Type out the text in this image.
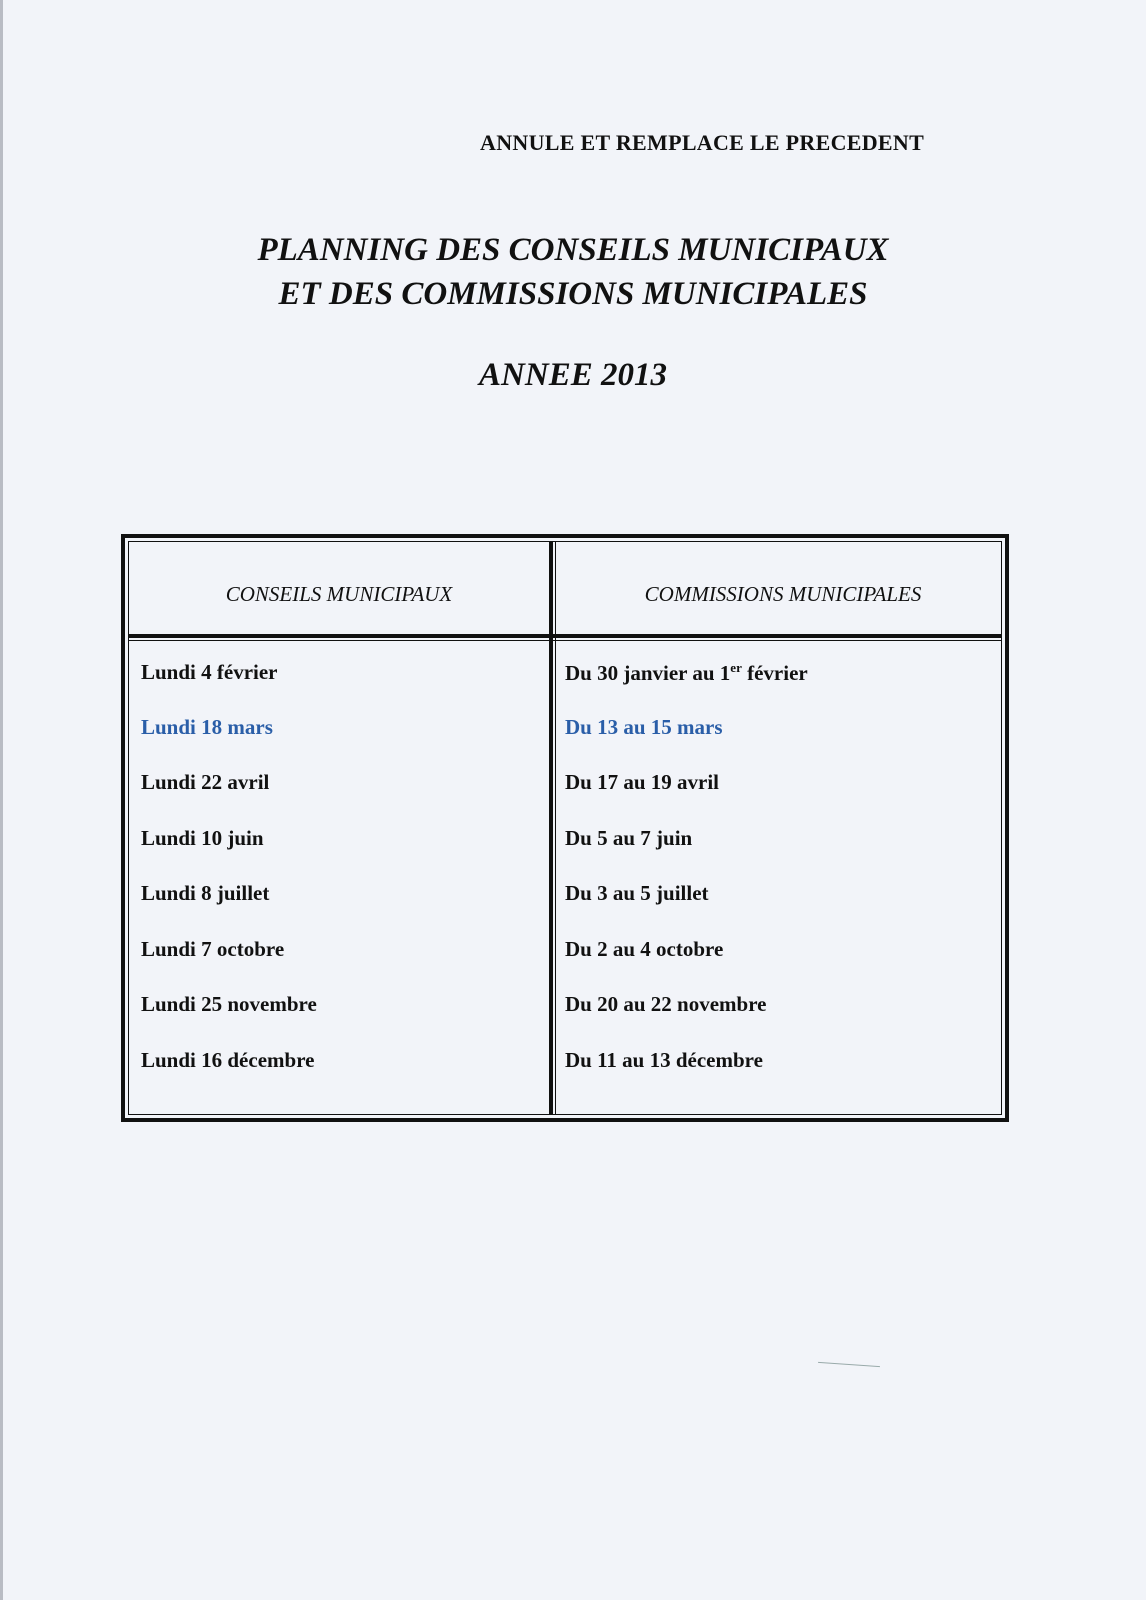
ANNULE ET REMPLACE LE PRECEDENT
PLANNING DES CONSEILS MUNICIPAUX
ET DES COMMISSIONS MUNICIPALES
ANNEE 2013
CONSEILS MUNICIPAUX	COMMISSIONS MUNICIPALES
Lundi 4 février	Du 30 janvier au 1er février
Lundi 18 mars	Du 13 au 15 mars
Lundi 22 avril	Du 17 au 19 avril
Lundi 10 juin	Du 5 au 7 juin
Lundi 8 juillet	Du 3 au 5 juillet
Lundi 7 octobre	Du 2 au 4 octobre
Lundi 25 novembre	Du 20 au 22 novembre
Lundi 16 décembre	Du 11 au 13 décembre
